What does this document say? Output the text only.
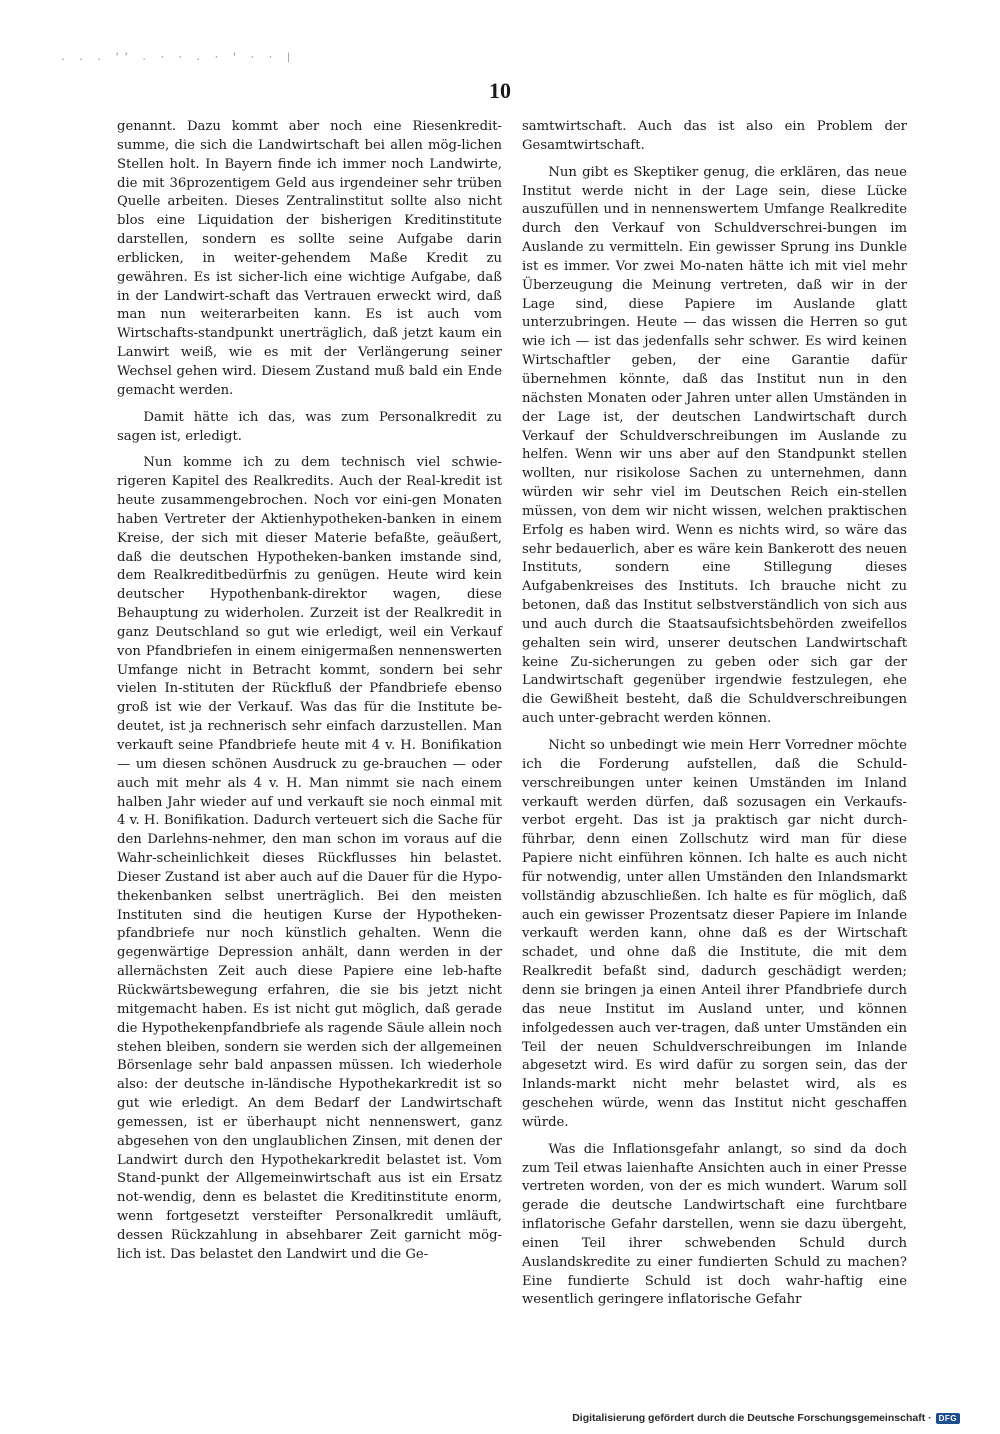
. . . ‘’ . · · . · ‘ · · |
10

genannt. Dazu kommt aber noch eine Riesenkredit-summe, die sich die Landwirtschaft bei allen mög-lichen Stellen holt. In Bayern finde ich immer noch Landwirte, die mit 36prozentigem Geld aus irgendeiner sehr trüben Quelle arbeiten. Dieses Zentralinstitut sollte also nicht blos eine Liquidation der bisherigen Kreditinstitute darstellen, sondern es sollte seine Aufgabe darin erblicken, in weiter-gehendem Maße Kredit zu gewähren. Es ist sicher-lich eine wichtige Aufgabe, daß in der Landwirt-schaft das Vertrauen erweckt wird, daß man nun weiterarbeiten kann. Es ist auch vom Wirtschafts-standpunkt unerträglich, daß jetzt kaum ein Lanwirt weiß, wie es mit der Verlängerung seiner Wechsel gehen wird. Diesem Zustand muß bald ein Ende gemacht werden.

Damit hätte ich das, was zum Personalkredit zu sagen ist, erledigt.

Nun komme ich zu dem technisch viel schwie-rigeren Kapitel des Realkredits. Auch der Real-kredit ist heute zusammengebrochen. Noch vor eini-gen Monaten haben Vertreter der Aktienhypotheken-banken in einem Kreise, der sich mit dieser Materie befaßte, geäußert, daß die deutschen Hypotheken-banken imstande sind, dem Realkreditbedürfnis zu genügen. Heute wird kein deutscher Hypothenbank-direktor wagen, diese Behauptung zu widerholen. Zurzeit ist der Realkredit in ganz Deutschland so gut wie erledigt, weil ein Verkauf von Pfandbriefen in einem einigermaßen nennenswerten Umfange nicht in Betracht kommt, sondern bei sehr vielen In-stituten der Rückfluß der Pfandbriefe ebenso groß ist wie der Verkauf. Was das für die Institute be-deutet, ist ja rechnerisch sehr einfach darzustellen. Man verkauft seine Pfandbriefe heute mit 4 v. H. Bonifikation — um diesen schönen Ausdruck zu ge-brauchen — oder auch mit mehr als 4 v. H. Man nimmt sie nach einem halben Jahr wieder auf und verkauft sie noch einmal mit 4 v. H. Bonifikation. Dadurch verteuert sich die Sache für den Darlehns-nehmer, den man schon im voraus auf die Wahr-scheinlichkeit dieses Rückflusses hin belastet. Dieser Zustand ist aber auch auf die Dauer für die Hypo-thekenbanken selbst unerträglich. Bei den meisten Instituten sind die heutigen Kurse der Hypotheken-pfandbriefe nur noch künstlich gehalten. Wenn die gegenwärtige Depression anhält, dann werden in der allernächsten Zeit auch diese Papiere eine leb-hafte Rückwärtsbewegung erfahren, die sie bis jetzt nicht mitgemacht haben. Es ist nicht gut möglich, daß gerade die Hypothekenpfandbriefe als ragende Säule allein noch stehen bleiben, sondern sie werden sich der allgemeinen Börsenlage sehr bald anpassen müssen. Ich wiederhole also: der deutsche in-ländische Hypothekarkredit ist so gut wie erledigt. An dem Bedarf der Landwirtschaft gemessen, ist er überhaupt nicht nennenswert, ganz abgesehen von den unglaublichen Zinsen, mit denen der Landwirt durch den Hypothekarkredit belastet ist. Vom Stand-punkt der Allgemeinwirtschaft aus ist ein Ersatz not-wendig, denn es belastet die Kreditinstitute enorm, wenn fortgesetzt versteifter Personalkredit umläuft, dessen Rückzahlung in absehbarer Zeit garnicht mög-lich ist. Das belastet den Landwirt und die Ge-

samtwirtschaft. Auch das ist also ein Problem der Gesamtwirtschaft.

Nun gibt es Skeptiker genug, die erklären, das neue Institut werde nicht in der Lage sein, diese Lücke auszufüllen und in nennenswertem Umfange Realkredite durch den Verkauf von Schuldverschrei-bungen im Auslande zu vermitteln. Ein gewisser Sprung ins Dunkle ist es immer. Vor zwei Mo-naten hätte ich mit viel mehr Überzeugung die Meinung vertreten, daß wir in der Lage sind, diese Papiere im Auslande glatt unterzubringen. Heute — das wissen die Herren so gut wie ich — ist das jedenfalls sehr schwer. Es wird keinen Wirtschaftler geben, der eine Garantie dafür übernehmen könnte, daß das Institut nun in den nächsten Monaten oder Jahren unter allen Umständen in der Lage ist, der deutschen Landwirtschaft durch Verkauf der Schuldverschreibungen im Auslande zu helfen. Wenn wir uns aber auf den Standpunkt stellen wollten, nur risikolose Sachen zu unternehmen, dann würden wir sehr viel im Deutschen Reich ein-stellen müssen, von dem wir nicht wissen, welchen praktischen Erfolg es haben wird. Wenn es nichts wird, so wäre das sehr bedauerlich, aber es wäre kein Bankerott des neuen Instituts, sondern eine Stillegung dieses Aufgabenkreises des Instituts. Ich brauche nicht zu betonen, daß das Institut selbstverständlich von sich aus und auch durch die Staatsaufsichtsbehörden zweifellos gehalten sein wird, unserer deutschen Landwirtschaft keine Zu-sicherungen zu geben oder sich gar der Landwirtschaft gegenüber irgendwie festzulegen, ehe die Gewißheit besteht, daß die Schuldverschreibungen auch unter-gebracht werden können.

Nicht so unbedingt wie mein Herr Vorredner möchte ich die Forderung aufstellen, daß die Schuld-verschreibungen unter keinen Umständen im Inland verkauft werden dürfen, daß sozusagen ein Verkaufs-verbot ergeht. Das ist ja praktisch gar nicht durch-führbar, denn einen Zollschutz wird man für diese Papiere nicht einführen können. Ich halte es auch nicht für notwendig, unter allen Umständen den Inlandsmarkt vollständig abzuschließen. Ich halte es für möglich, daß auch ein gewisser Prozentsatz dieser Papiere im Inlande verkauft werden kann, ohne daß es der Wirtschaft schadet, und ohne daß die Institute, die mit dem Realkredit befaßt sind, dadurch geschädigt werden; denn sie bringen ja einen Anteil ihrer Pfandbriefe durch das neue Institut im Ausland unter, und können infolgedessen auch ver-tragen, daß unter Umständen ein Teil der neuen Schuldverschreibungen im Inlande abgesetzt wird. Es wird dafür zu sorgen sein, das der Inlands-markt nicht mehr belastet wird, als es geschehen würde, wenn das Institut nicht geschaffen würde.

Was die Inflationsgefahr anlangt, so sind da doch zum Teil etwas laienhafte Ansichten auch in einer Presse vertreten worden, von der es mich wundert. Warum soll gerade die deutsche Landwirtschaft eine furchtbare inflatorische Gefahr darstellen, wenn sie dazu übergeht, einen Teil ihrer schwebenden Schuld durch Auslandskredite zu einer fundierten Schuld zu machen? Eine fundierte Schuld ist doch wahr-haftig eine wesentlich geringere inflatorische Gefahr

Digitalisierung gefördert durch die Deutsche Forschungsgemeinschaft · DFG
